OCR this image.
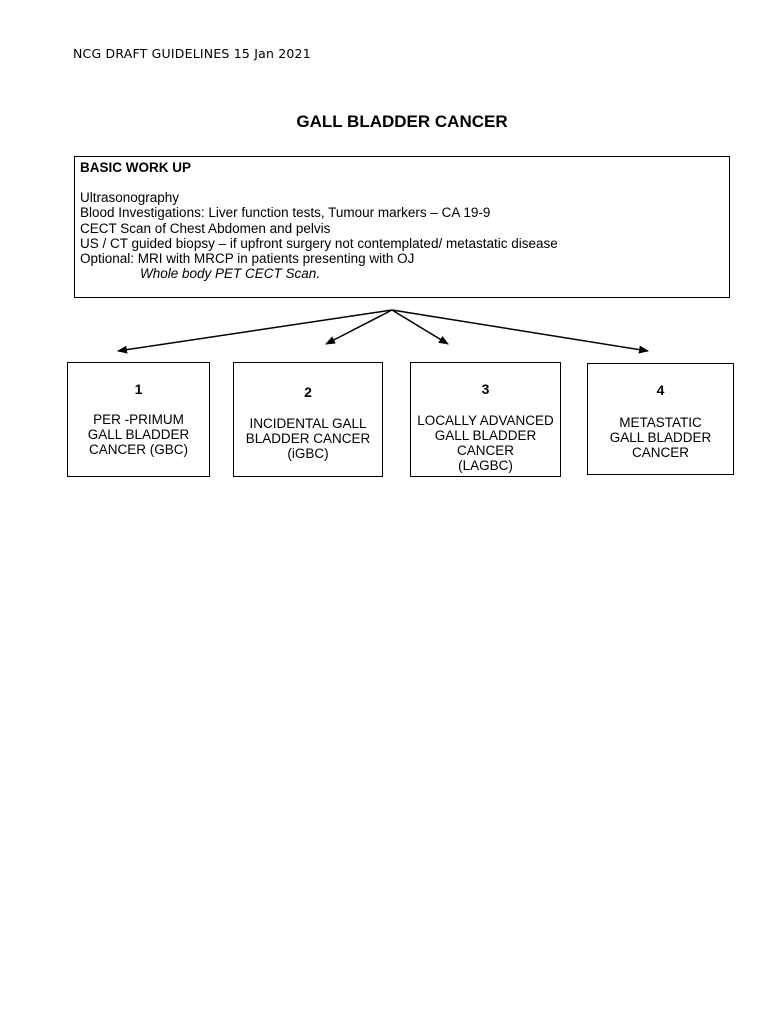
NCG DRAFT GUIDELINES 15 Jan 2021
GALL BLADDER CANCER
BASIC WORK UP
Ultrasonography
Blood Investigations: Liver function tests, Tumour markers – CA 19-9
CECT Scan of Chest Abdomen and pelvis
US / CT guided biopsy – if upfront surgery not contemplated/ metastatic disease
Optional: MRI with MRCP in patients presenting with OJ
Whole body PET CECT Scan.
1
PER -PRIMUM
GALL BLADDER
CANCER (GBC)
2
INCIDENTAL GALL
BLADDER CANCER
(iGBC)
3
LOCALLY ADVANCED
GALL BLADDER
CANCER
(LAGBC)
4
METASTATIC
GALL BLADDER
CANCER
